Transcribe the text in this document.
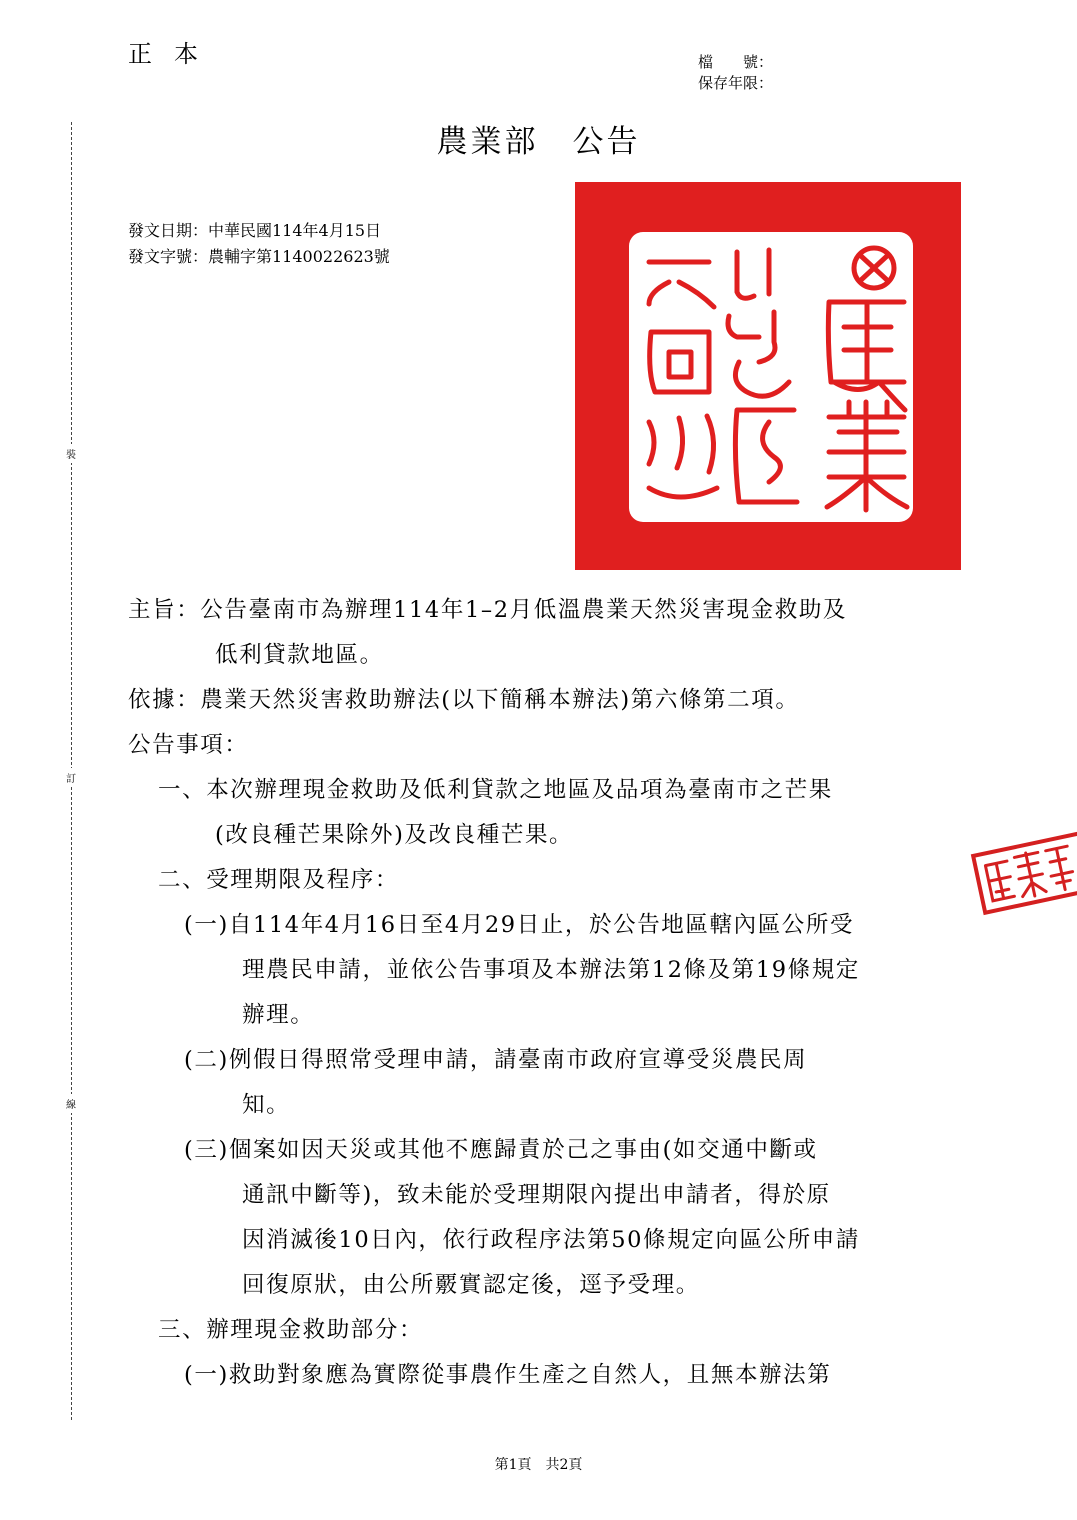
正本	檔　　號：
保存年限：
農業部　公告
發文日期：中華民國114年4月15日
發文字號：農輔字第1140022623號
裝
訂
線
主旨：公告臺南市為辦理114年1–2月低溫農業天然災害現金救助及
低利貸款地區。
依據：農業天然災害救助辦法(以下簡稱本辦法)第六條第二項。
公告事項：
一、本次辦理現金救助及低利貸款之地區及品項為臺南市之芒果
(改良種芒果除外)及改良種芒果。
二、受理期限及程序：
(一)自114年4月16日至4月29日止，於公告地區轄內區公所受
理農民申請，並依公告事項及本辦法第12條及第19條規定
辦理。
(二)例假日得照常受理申請，請臺南市政府宣導受災農民周
知。
(三)個案如因天災或其他不應歸責於己之事由(如交通中斷或
通訊中斷等)，致未能於受理期限內提出申請者，得於原
因消滅後10日內，依行政程序法第50條規定向區公所申請
回復原狀，由公所覈實認定後，逕予受理。
三、辦理現金救助部分：
(一)救助對象應為實際從事農作生產之自然人，且無本辦法第
第1頁　共2頁
